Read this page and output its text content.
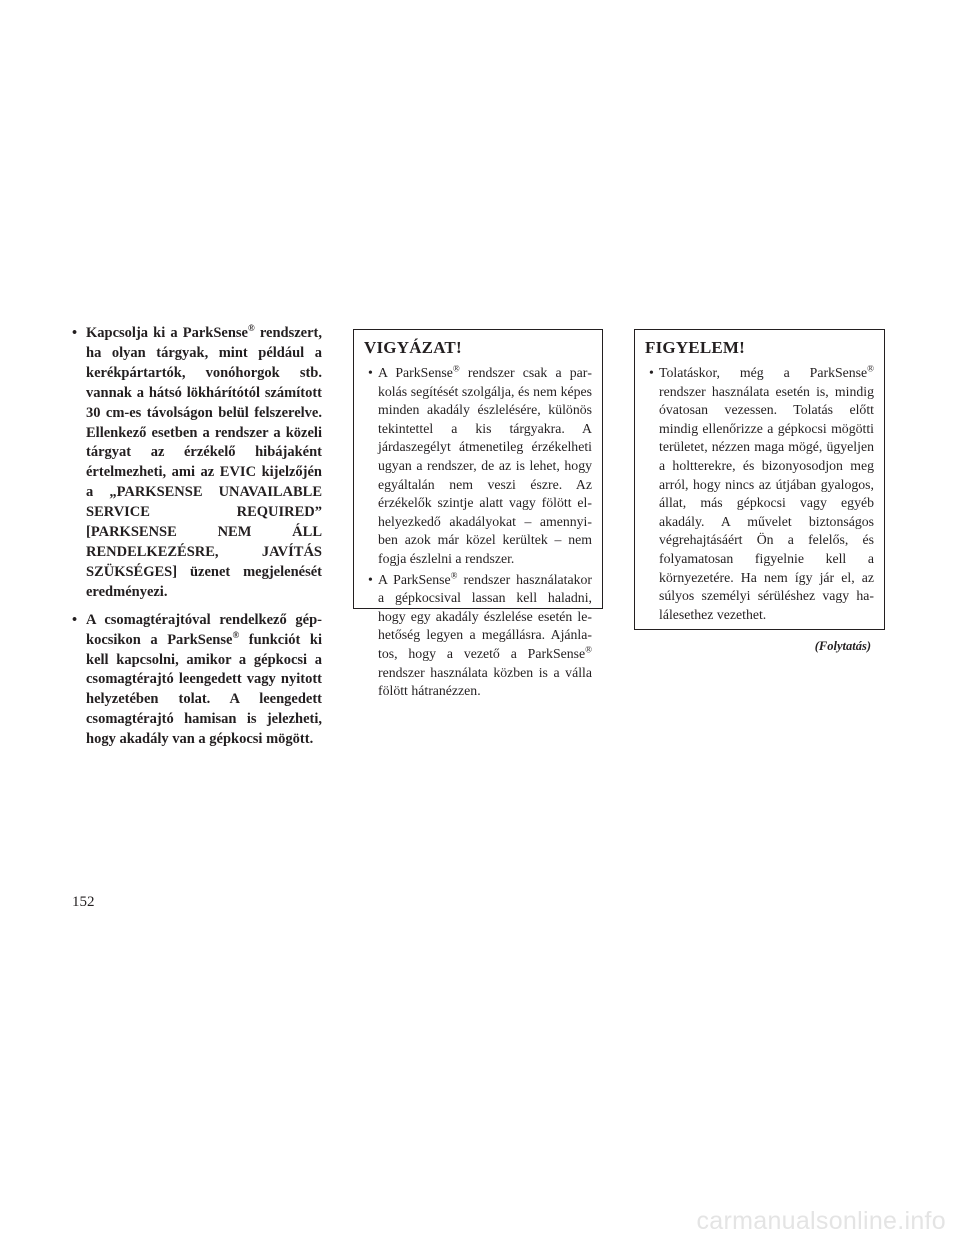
• Kapcsolja ki a ParkSense® rendszert, ha olyan tárgyak, mint például a kerékpártartók, vonóhorgok stb. vannak a hátsó lökhárítótól számított 30 cm-es távolságon belül felszerelve. Ellenkező esetben a rendszer a közeli tárgyat az érzékelő hibájaként értelmezheti, ami az EVIC kijelzőjén a „PARKSENSE UNAVAILABLE SERVICE REQUIRED” [PARKSENSE NEM ÁLL RENDELKEZÉSRE, JAVÍTÁS SZÜKSÉGES] üzenet megjelenését eredményezi.
• A csomagtérajtóval rendelkező gépkocsikon a ParkSense® funkciót ki kell kapcsolni, amikor a gépkocsi a csomagtérajtó leengedett vagy nyitott helyzetében tolat. A leengedett csomagtérajtó hamisan is jelezheti, hogy akadály van a gépkocsi mögött.
VIGYÁZAT!
• A ParkSense® rendszer csak a parkolás segítését szolgálja, és nem képes minden akadály észlelésére, különös tekintettel a kis tárgyakra. A járdaszegélyt átmenetileg érzékelheti ugyan a rendszer, de az is lehet, hogy egyáltalán nem veszi észre. Az érzékelők szintje alatt vagy fölött elhelyezkedő akadályokat – amennyiben azok már közel kerültek – nem fogja észlelni a rendszer.
• A ParkSense® rendszer használatakor a gépkocsival lassan kell haladni, hogy egy akadály észlelése esetén lehetőség legyen a megállásra. Ajánlatos, hogy a vezető a ParkSense® rendszer használata közben is a válla fölött hátranézzen.
FIGYELEM!
• Tolatáskor, még a ParkSense® rendszer használata esetén is, mindig óvatosan vezessen. Tolatás előtt mindig ellenőrizze a gépkocsi mögötti területet, nézzen maga mögé, ügyeljen a holtterekre, és bizonyosodjon meg arról, hogy nincs az útjában gyalogos, állat, más gépkocsi vagy egyéb akadály. A művelet biztonságos végrehajtásáért Ön a felelős, és folyamatosan figyelnie kell a környezetére. Ha nem így jár el, az súlyos személyi sérüléshez vagy halálesethez vezethet.
(Folytatás)
152
carmanualsonline.info
